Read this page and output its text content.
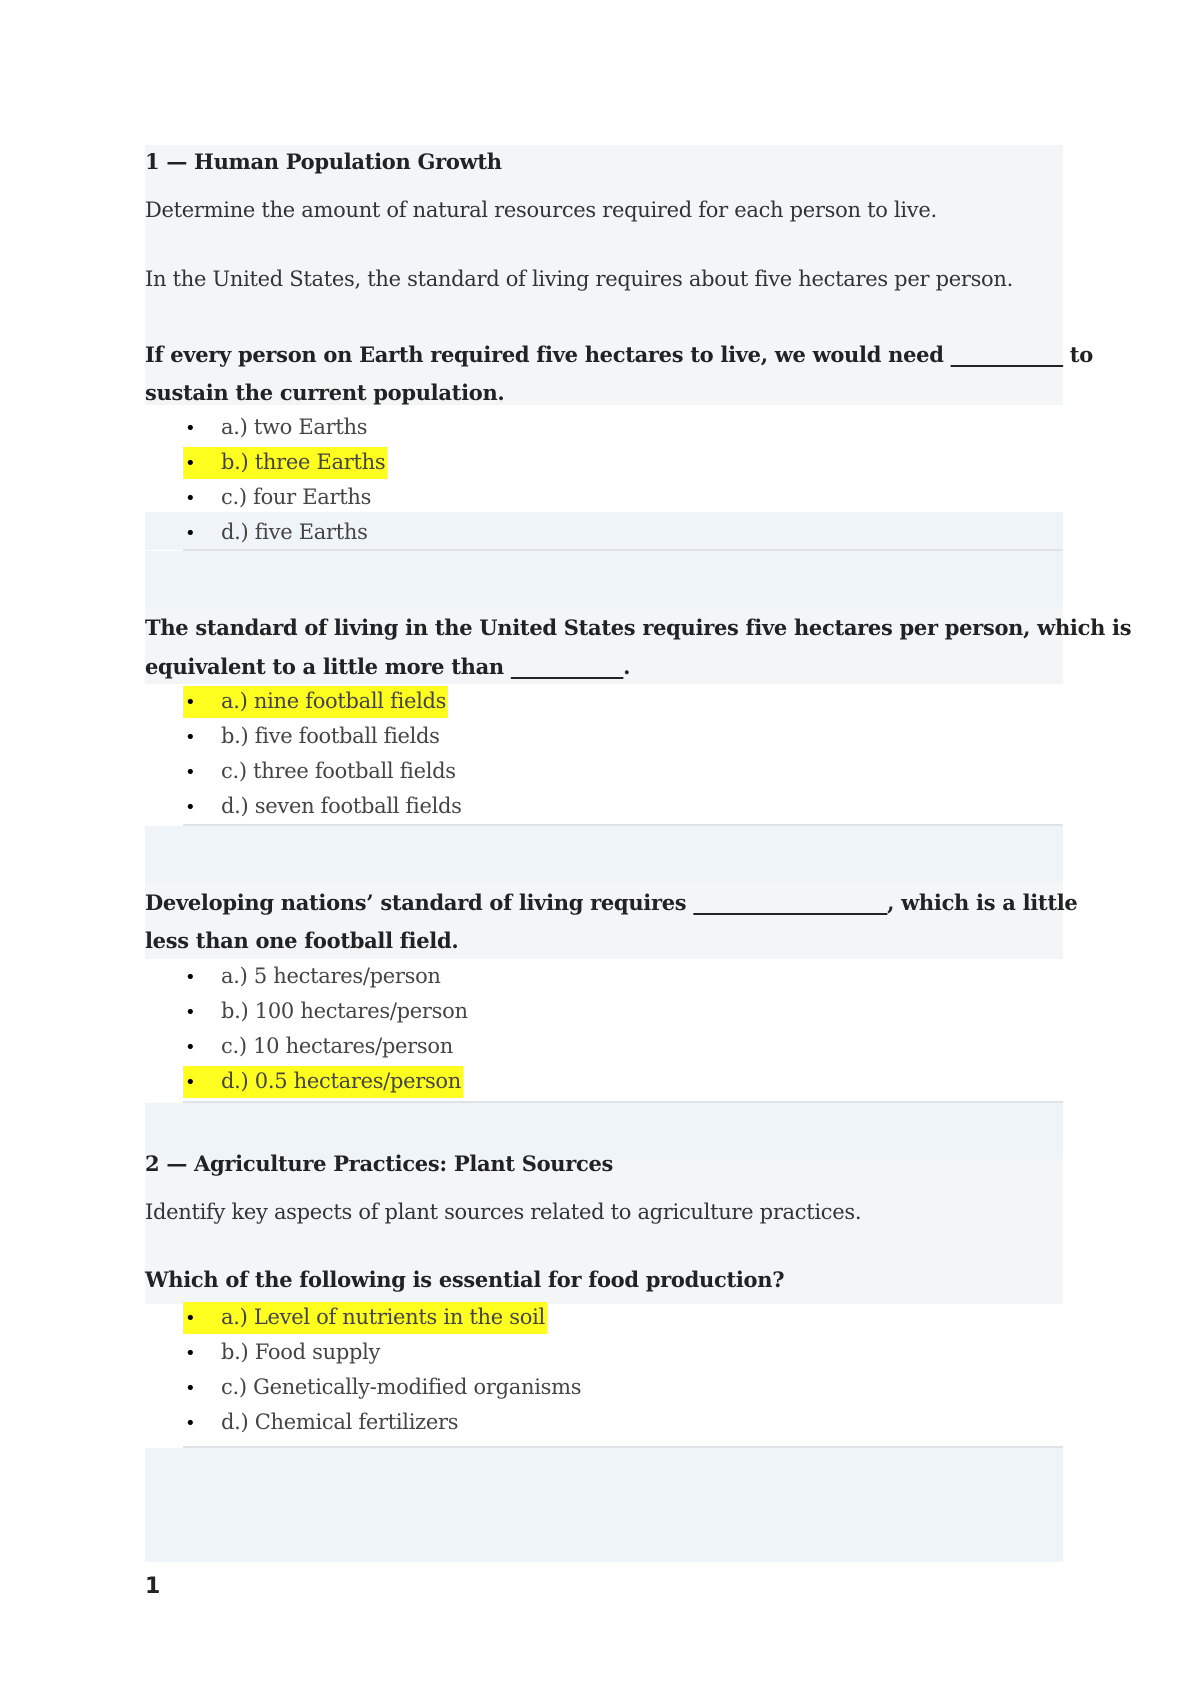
1 — Human Population Growth
Determine the amount of natural resources required for each person to live.
In the United States, the standard of living requires about five hectares per person.
If every person on Earth required five hectares to live, we would need ___________ to
sustain the current population.
• a.) two Earths
• b.) three Earths
• c.) four Earths
• d.) five Earths
The standard of living in the United States requires five hectares per person, which is
equivalent to a little more than ___________.
• a.) nine football fields
• b.) five football fields
• c.) three football fields
• d.) seven football fields
Developing nations’ standard of living requires ___________________, which is a little
less than one football field.
• a.) 5 hectares/person
• b.) 100 hectares/person
• c.) 10 hectares/person
• d.) 0.5 hectares/person
2 — Agriculture Practices: Plant Sources
Identify key aspects of plant sources related to agriculture practices.
Which of the following is essential for food production?
• a.) Level of nutrients in the soil
• b.) Food supply
• c.) Genetically-modified organisms
• d.) Chemical fertilizers
1
